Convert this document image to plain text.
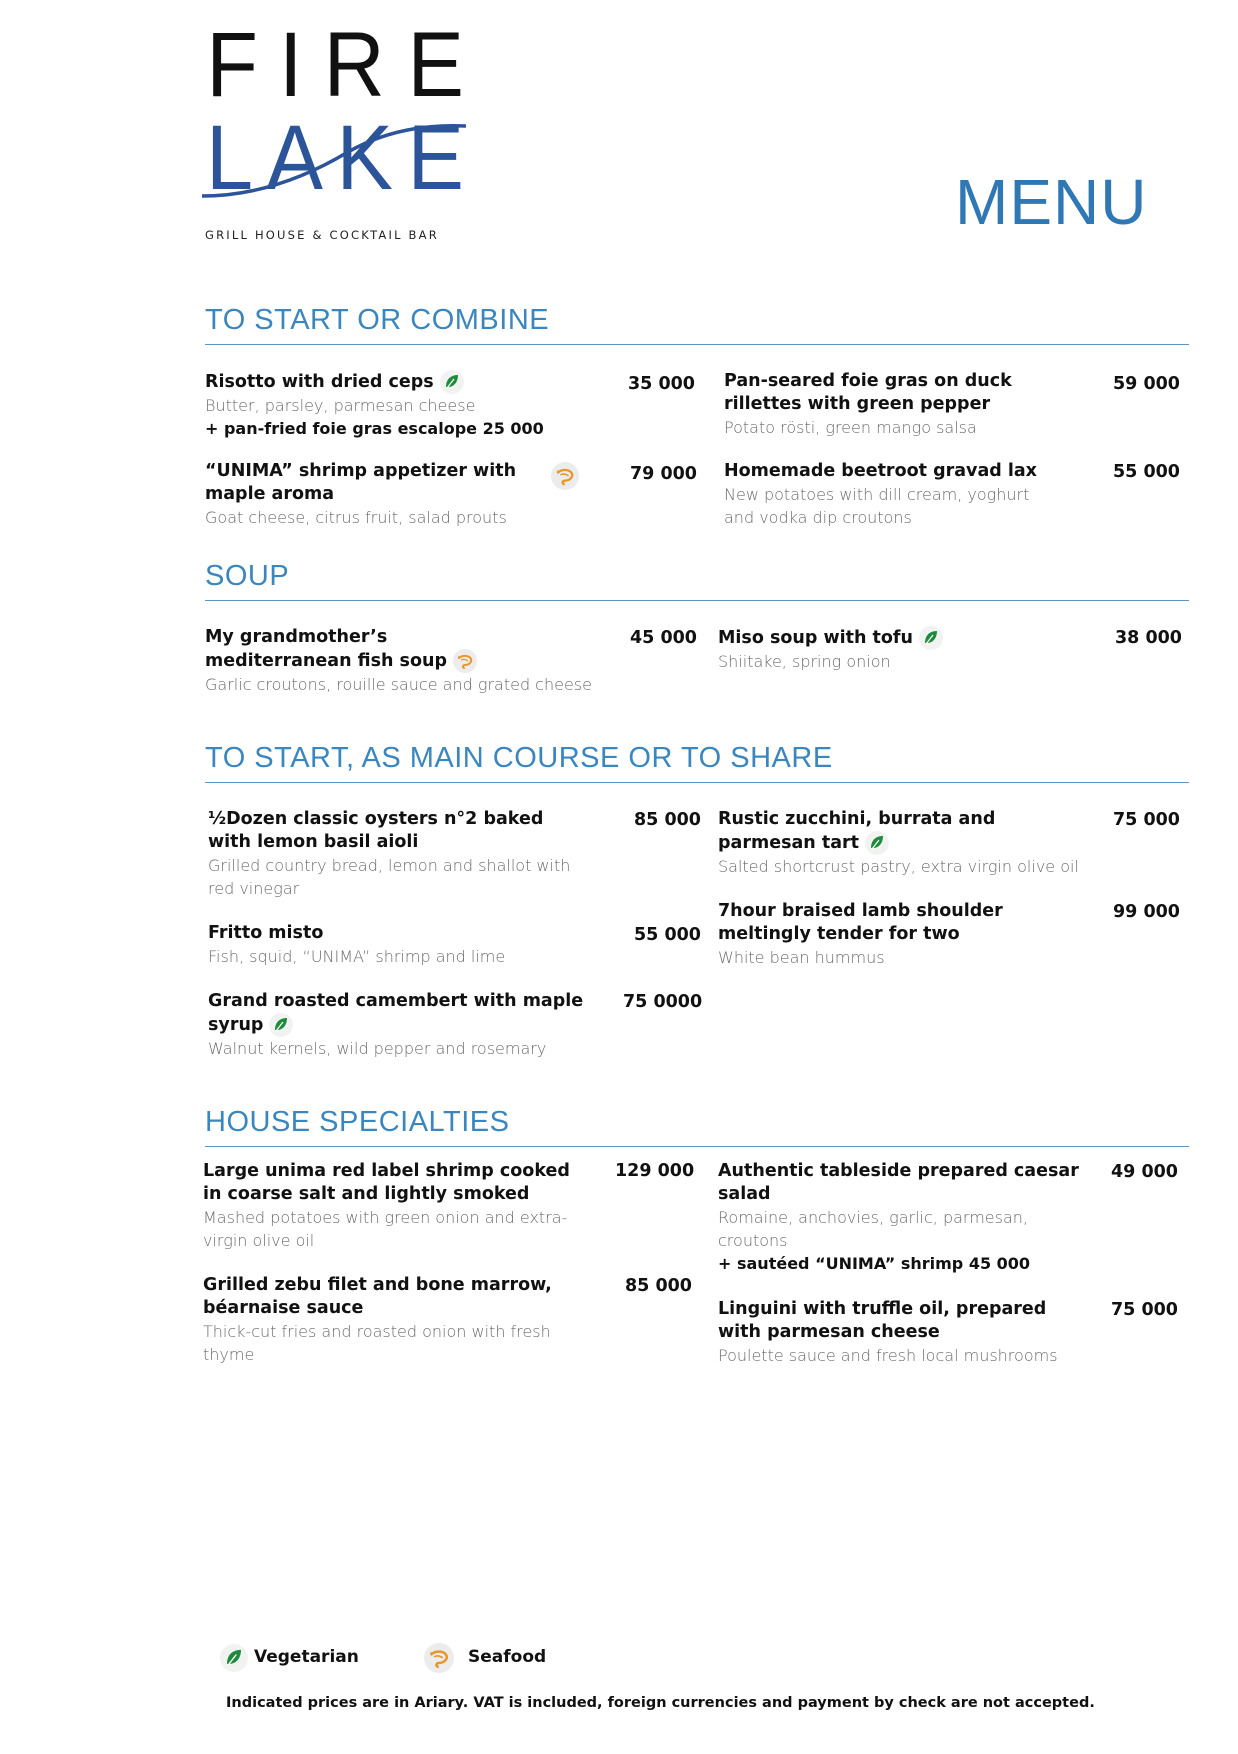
F I R E
L A K E
GRILL HOUSE & COCKTAIL BAR	MENU
TO START OR COMBINE
Risotto with dried ceps
Butter, parsley, parmesan cheese
+ pan-fried foie gras escalope 25 000
35 000
“UNIMA” shrimp appetizer with maple aroma
Goat cheese, citrus fruit, salad prouts
79 000
Pan-seared foie gras on duck rillettes with green pepper
Potato rösti, green mango salsa
59 000
Homemade beetroot gravad lax
New potatoes with dill cream, yoghurt and vodka dip croutons
55 000
SOUP
My grandmother’s mediterranean fish soup
Garlic croutons, rouille sauce and grated cheese
45 000 Miso soup with tofu
Shiitake, spring onion
38 000
TO START, AS MAIN COURSE OR TO SHARE
½Dozen classic oysters n°2 baked with lemon basil aioli
Grilled country bread, lemon and shallot with red vinegar
85 000
Fritto misto
Fish, squid, “UNIMA” shrimp and lime
55 000
Grand roasted camembert with maple syrup
Walnut kernels, wild pepper and rosemary
75 0000
Rustic zucchini, burrata and parmesan tart
Salted shortcrust pastry, extra virgin olive oil
75 000
7hour braised lamb shoulder meltingly tender for two
White bean hummus
99 000
HOUSE SPECIALTIES
Large unima red label shrimp cooked in coarse salt and lightly smoked
Mashed potatoes with green onion and extra-virgin olive oil
129 000
Grilled zebu filet and bone marrow, béarnaise sauce
Thick-cut fries and roasted onion with fresh thyme
85 000
Authentic tableside prepared caesar salad
Romaine, anchovies, garlic, parmesan, croutons
+ sautéed “UNIMA” shrimp 45 000
49 000
Linguini with truffle oil, prepared with parmesan cheese
Poulette sauce and fresh local mushrooms
75 000
Vegetarian	Seafood
Indicated prices are in Ariary. VAT is included, foreign currencies and payment by check are not accepted.
